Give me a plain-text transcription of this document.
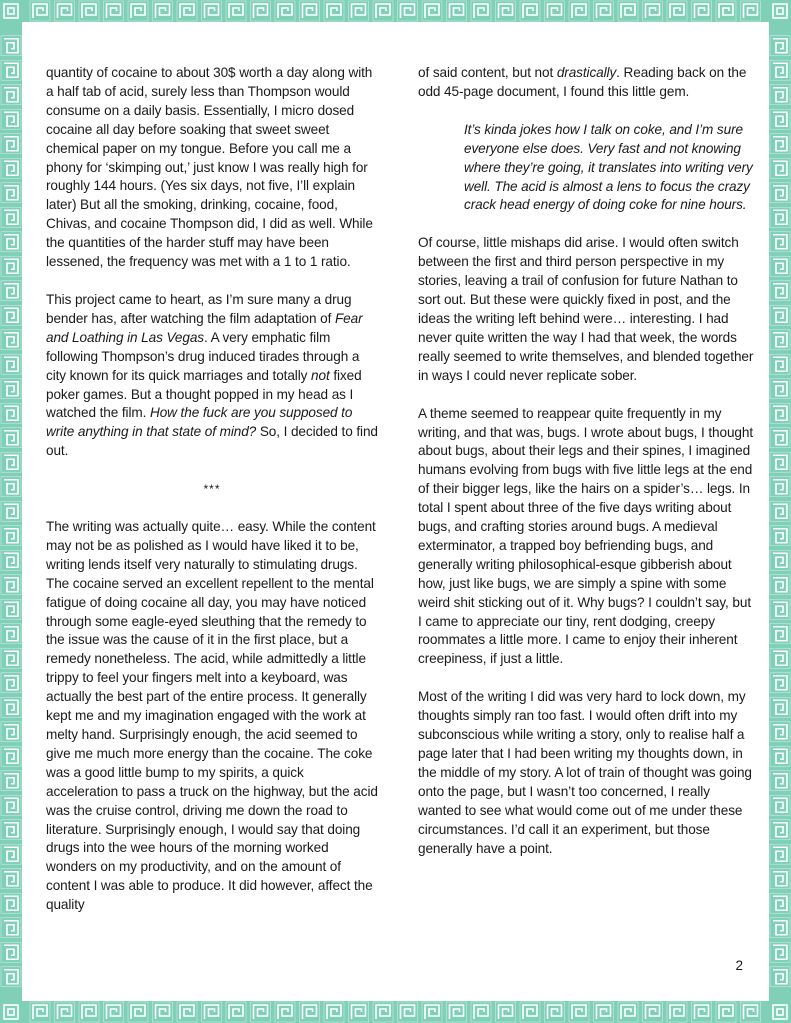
quantity of cocaine to about 30$ worth a day along with a half tab of acid, surely less than Thompson would consume on a daily basis. Essentially, I micro dosed cocaine all day before soaking that sweet sweet chemical paper on my tongue. Before you call me a phony for ‘skimping out,’ just know I was really high for roughly 144 hours. (Yes six days, not five, I’ll explain later) But all the smoking, drinking, cocaine, food, Chivas, and cocaine Thompson did, I did as well. While the quantities of the harder stuff may have been lessened, the frequency was met with a 1 to 1 ratio.

This project came to heart, as I’m sure many a drug bender has, after watching the film adaptation of Fear and Loathing in Las Vegas. A very emphatic film following Thompson’s drug induced tirades through a city known for its quick marriages and totally not fixed poker games. But a thought popped in my head as I watched the film. How the fuck are you supposed to write anything in that state of mind? So, I decided to find out.

***

The writing was actually quite… easy. While the content may not be as polished as I would have liked it to be, writing lends itself very naturally to stimulating drugs. The cocaine served an excellent repellent to the mental fatigue of doing cocaine all day, you may have noticed through some eagle-eyed sleuthing that the remedy to the issue was the cause of it in the first place, but a remedy nonetheless. The acid, while admittedly a little trippy to feel your fingers melt into a keyboard, was actually the best part of the entire process. It generally kept me and my imagination engaged with the work at melty hand. Surprisingly enough, the acid seemed to give me much more energy than the cocaine. The coke was a good little bump to my spirits, a quick acceleration to pass a truck on the highway, but the acid was the cruise control, driving me down the road to literature. Surprisingly enough, I would say that doing drugs into the wee hours of the morning worked wonders on my productivity, and on the amount of content I was able to produce. It did however, affect the quality

of said content, but not drastically. Reading back on the odd 45-page document, I found this little gem.

It’s kinda jokes how I talk on coke, and I’m sure everyone else does. Very fast and not knowing where they’re going, it translates into writing very well. The acid is almost a lens to focus the crazy crack head energy of doing coke for nine hours.

Of course, little mishaps did arise. I would often switch between the first and third person perspective in my stories, leaving a trail of confusion for future Nathan to sort out. But these were quickly fixed in post, and the ideas the writing left behind were… interesting. I had never quite written the way I had that week, the words really seemed to write themselves, and blended together in ways I could never replicate sober.

A theme seemed to reappear quite frequently in my writing, and that was, bugs. I wrote about bugs, I thought about bugs, about their legs and their spines, I imagined humans evolving from bugs with five little legs at the end of their bigger legs, like the hairs on a spider’s… legs. In total I spent about three of the five days writing about bugs, and crafting stories around bugs. A medieval exterminator, a trapped boy befriending bugs, and generally writing philosophical-esque gibberish about how, just like bugs, we are simply a spine with some weird shit sticking out of it. Why bugs? I couldn’t say, but I came to appreciate our tiny, rent dodging, creepy roommates a little more. I came to enjoy their inherent creepiness, if just a little.

Most of the writing I did was very hard to lock down, my thoughts simply ran too fast. I would often drift into my subconscious while writing a story, only to realise half a page later that I had been writing my thoughts down, in the middle of my story. A lot of train of thought was going onto the page, but I wasn’t too concerned, I really wanted to see what would come out of me under these circumstances. I’d call it an experiment, but those generally have a point.

2
